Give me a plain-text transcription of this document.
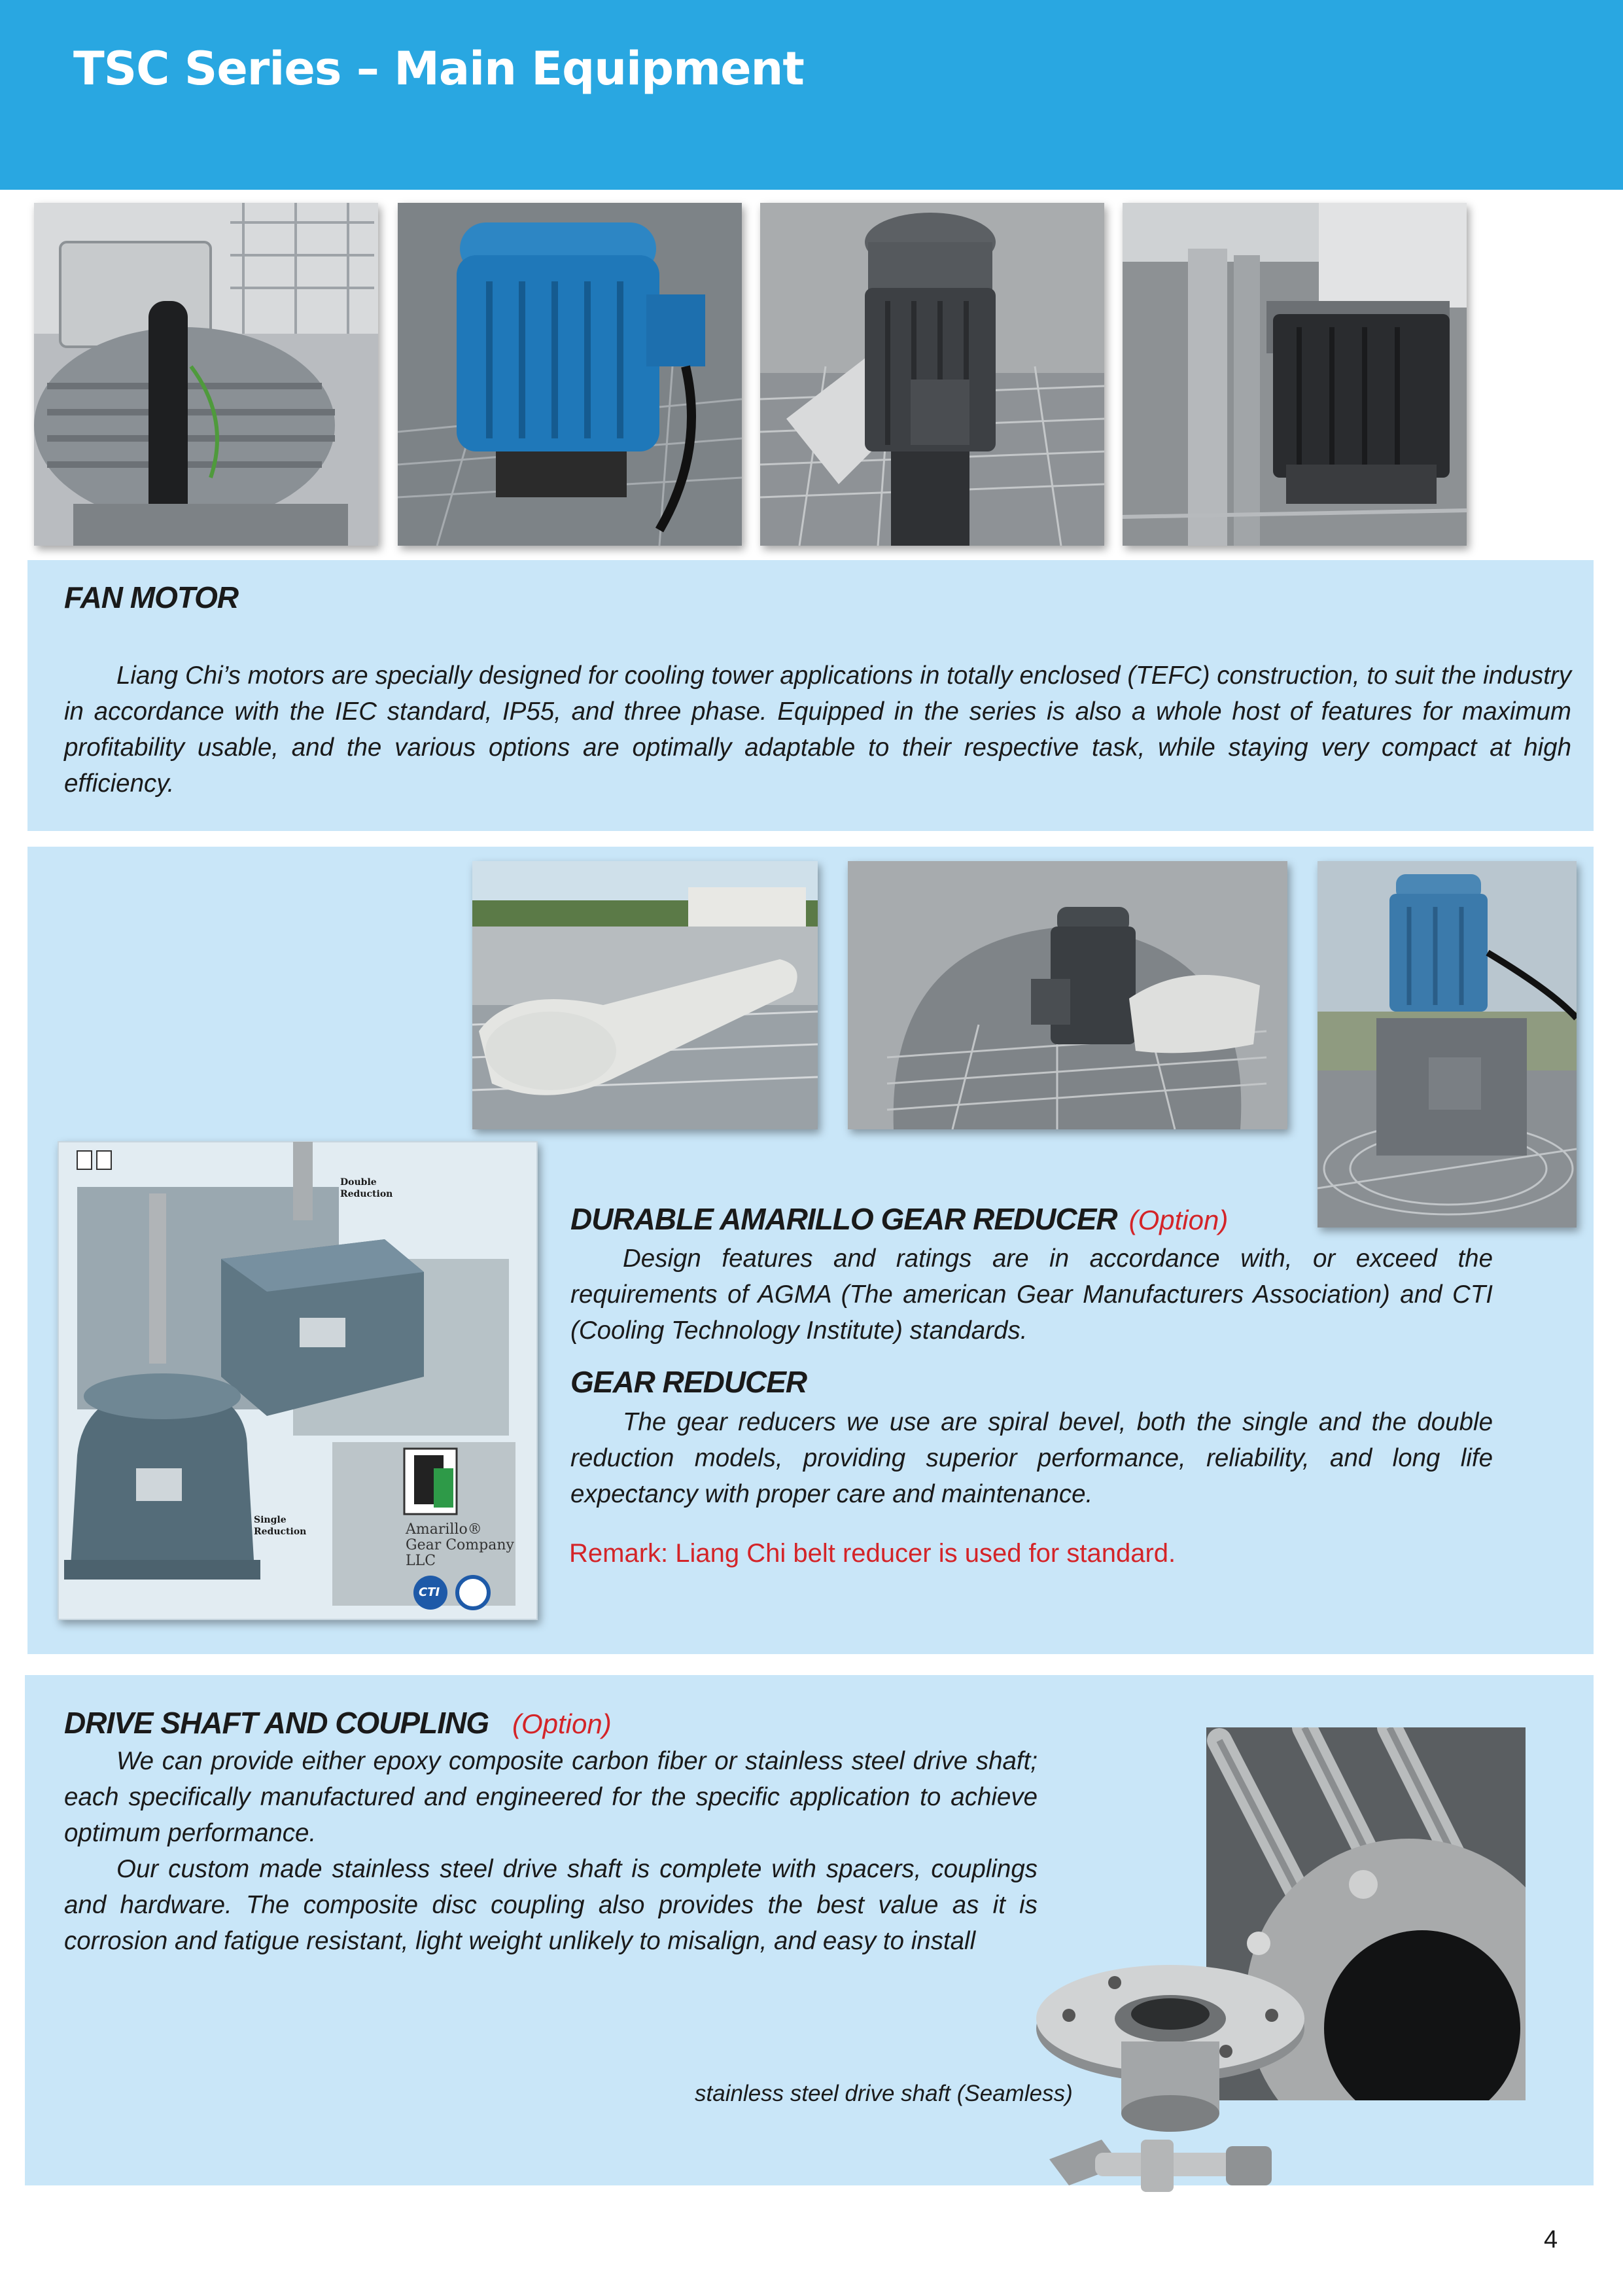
TSC Series – Main Equipment
FAN MOTOR

Liang Chi’s motors are specially designed for cooling tower applications in totally enclosed (TEFC) construction, to suit the industry in accordance with the IEC standard, IP55, and three phase. Equipped in the series is also a whole host of features for maximum profitability usable, and the various options are optimally adaptable to their respective task, while staying very compact at high efficiency.

Double Reduction
Single Reduction	Amarillo® Gear Company LLC
CTI
DURABLE AMARILLO GEAR REDUCER (Option)

Design features and ratings are in accordance with, or exceed the requirements of AGMA (The american Gear Manufacturers Association) and CTI (Cooling Technology Institute) standards.

GEAR REDUCER

The gear reducers we use are spiral bevel, both the single and the double reduction models, providing superior performance, reliability, and long life expectancy with proper care and maintenance.

Remark: Liang Chi belt reducer is used for standard.
DRIVE SHAFT AND COUPLING (Option)

We can provide either epoxy composite carbon fiber or stainless steel drive shaft; each specifically manufactured and engineered for the specific application to achieve optimum performance.

Our custom made stainless steel drive shaft is complete with spacers, couplings and hardware. The composite disc coupling also provides the best value as it is corrosion and fatigue resistant, light weight unlikely to misalign, and easy to install

stainless steel drive shaft (Seamless)
4
